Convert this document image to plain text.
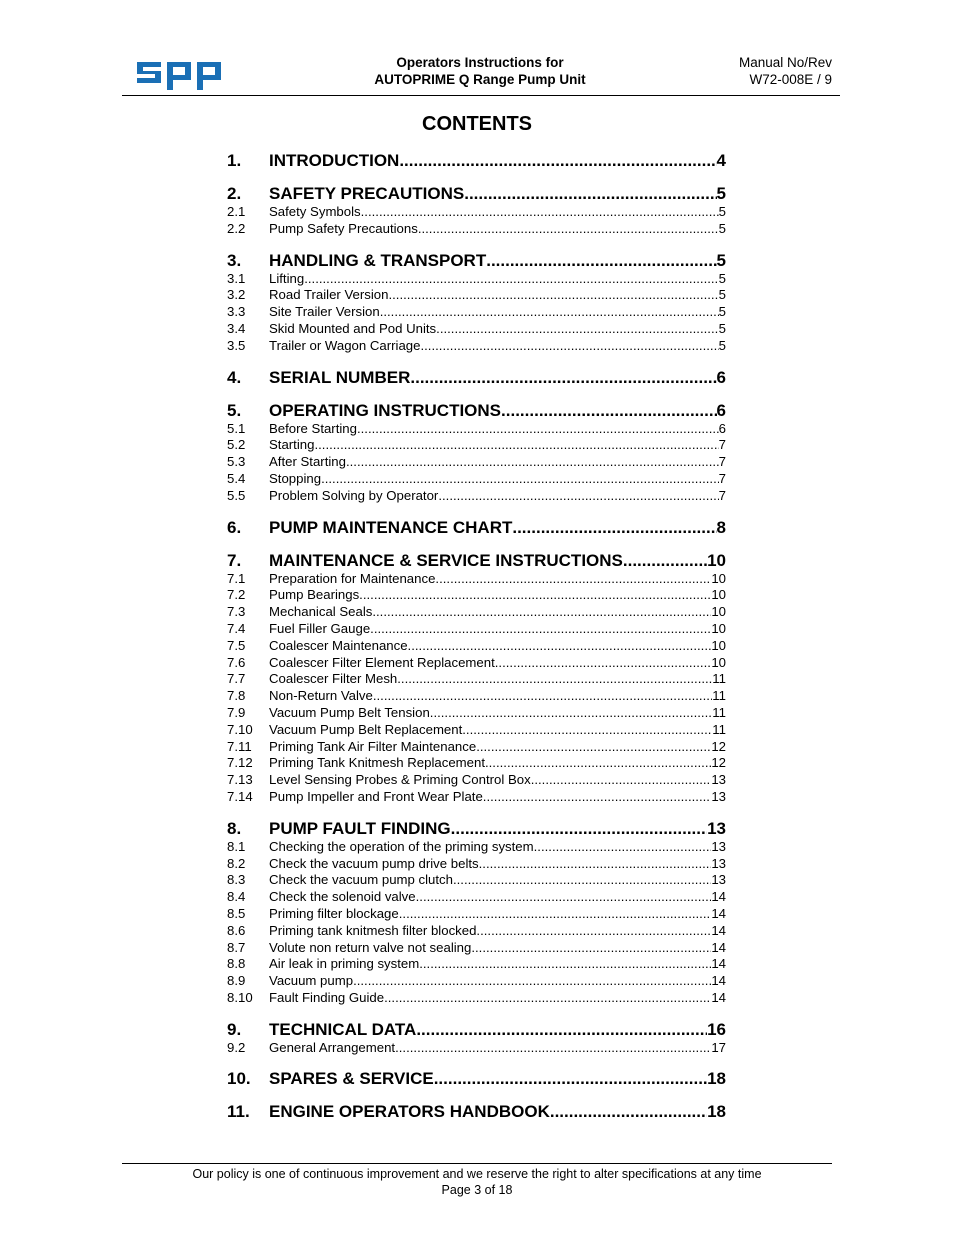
Operators Instructions for
AUTOPRIME Q Range Pump Unit
Manual No/Rev
W72-008E / 9
CONTENTS
1.	INTRODUCTION .....	4
2.	SAFETY PRECAUTIONS .....	5
2.1	Safety Symbols .....	5
2.2	Pump Safety Precautions .....	5
3.	HANDLING & TRANSPORT .....	5
3.1	Lifting .....	5
3.2	Road Trailer Version .....	5
3.3	Site Trailer Version .....	5
3.4	Skid Mounted and Pod Units .....	5
3.5	Trailer or Wagon Carriage .....	5
4.	SERIAL NUMBER .....	6
5.	OPERATING INSTRUCTIONS .....	6
5.1	Before Starting .....	6
5.2	Starting .....	7
5.3	After Starting .....	7
5.4	Stopping .....	7
5.5	Problem Solving by Operator .....	7
6.	PUMP MAINTENANCE CHART .....	8
7.	MAINTENANCE & SERVICE INSTRUCTIONS .....	10
7.1	Preparation for Maintenance .....	10
7.2	Pump Bearings .....	10
7.3	Mechanical Seals .....	10
7.4	Fuel Filler Gauge .....	10
7.5	Coalescer Maintenance .....	10
7.6	Coalescer Filter Element Replacement .....	10
7.7	Coalescer Filter Mesh .....	11
7.8	Non-Return Valve .....	11
7.9	Vacuum Pump Belt Tension .....	11
7.10	Vacuum Pump Belt Replacement .....	11
7.11	Priming Tank Air Filter Maintenance .....	12
7.12	Priming Tank Knitmesh Replacement .....	12
7.13	Level Sensing Probes & Priming Control Box .....	13
7.14	Pump Impeller and Front Wear Plate .....	13
8.	PUMP FAULT FINDING .....	13
8.1	Checking the operation of the priming system .....	13
8.2	Check the vacuum pump drive belts .....	13
8.3	Check the vacuum pump clutch .....	13
8.4	Check the solenoid valve .....	14
8.5	Priming filter blockage. .....	14
8.6	Priming tank knitmesh filter blocked .....	14
8.7	Volute non return valve not sealing .....	14
8.8	Air leak in priming system .....	14
8.9	Vacuum pump .....	14
8.10	Fault Finding Guide .....	14
9.	TECHNICAL DATA .....	16
9.2	General Arrangement .....	17
10.	SPARES & SERVICE .....	18
11.	ENGINE OPERATORS HANDBOOK .....	18
Our policy is one of continuous improvement and we reserve the right to alter specifications at any time
Page 3 of 18
